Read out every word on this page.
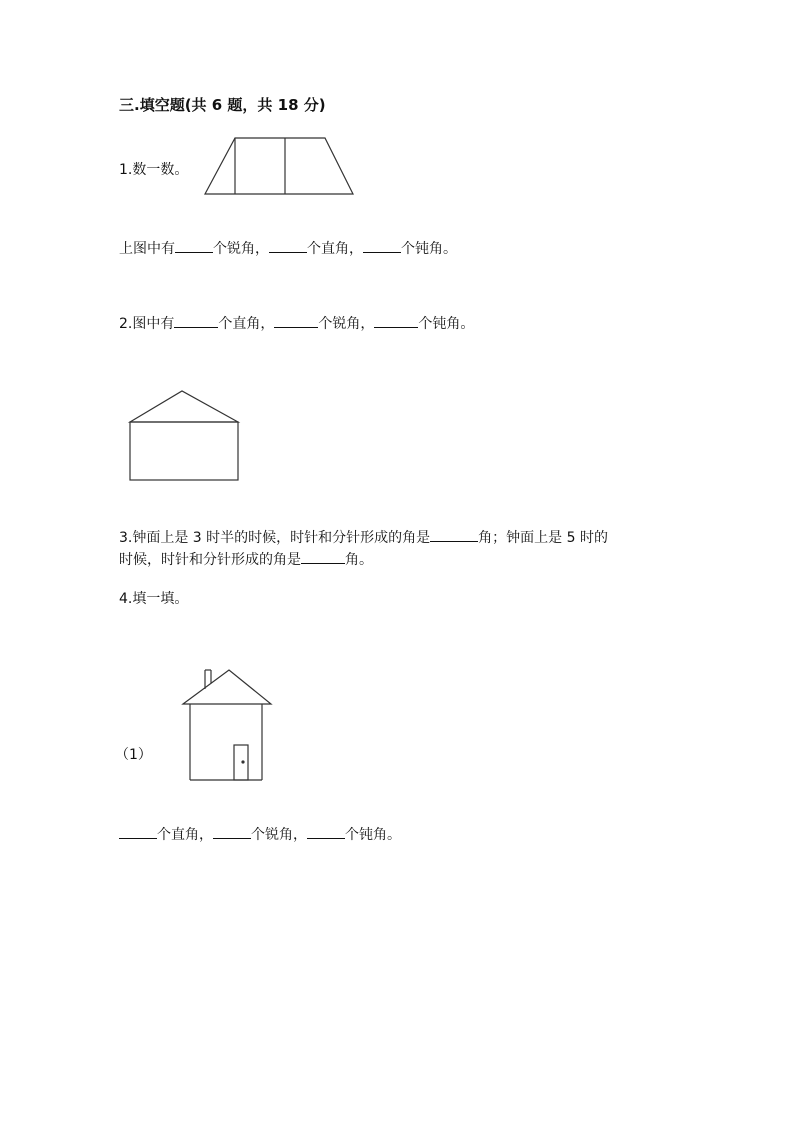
三.填空题(共 6 题，共 18 分)
1.数一数。
上图中有	个锐角，	个直角，	个钝角。
2.图中有	个直角，	个锐角，	个钝角。
3.钟面上是 3 时半的时候，时针和分针形成的角是	角；钟面上是 5 时的
时候，时针和分针形成的角是	角。
4.填一填。
（1）
个直角，	个锐角，	个钝角。
